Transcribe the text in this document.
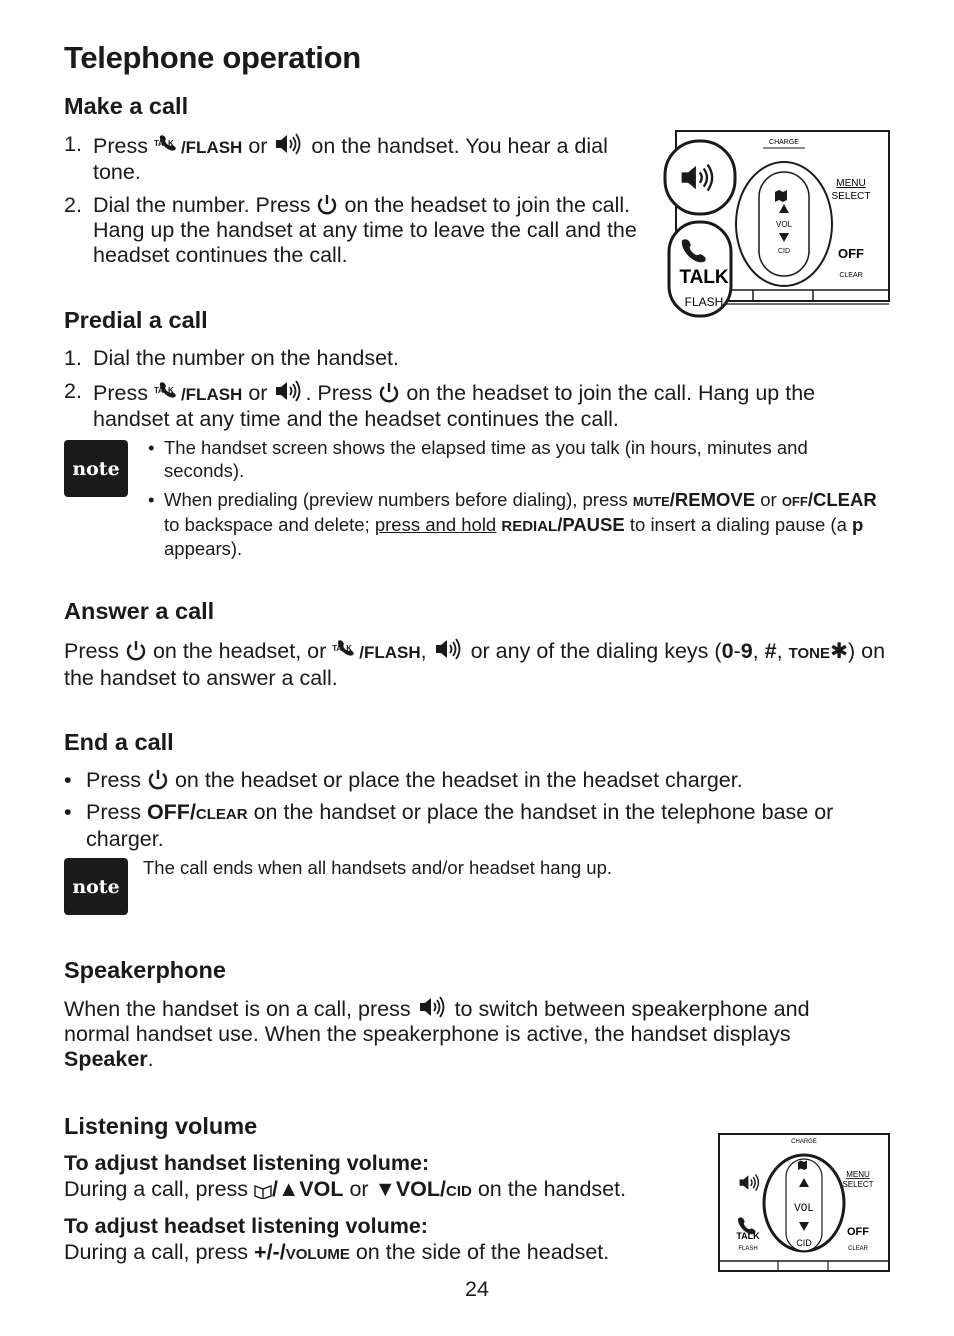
Telephone operation
Make a call
1. Press TALK /FLASH or on the handset. You hear a dial tone.
2. Dial the number. Press on the headset to join the call. Hang up the handset at any time to leave the call and the headset continues the call.
CHARGE
VOL
CID
MENU
SELECT
OFF
CLEAR
TALK
FLASH
Predial a call
1. Dial the number on the handset.
2. Press TALK /FLASH or . Press on the headset to join the call. Hang up the handset at any time and the headset continues the call.
note
• The handset screen shows the elapsed time as you talk (in hours, minutes and seconds).
• When predialing (preview numbers before dialing), press MUTE/REMOVE or OFF/CLEAR to backspace and delete; press and hold REDIAL/PAUSE to insert a dialing pause (a p appears).
Answer a call
Press on the headset, or TALK /FLASH, or any of the dialing keys (0-9, #, TONE✱) on the handset to answer a call.
End a call
• Press on the headset or place the headset in the headset charger.
• Press OFF/CLEAR on the handset or place the handset in the telephone base or charger.
note
The call ends when all handsets and/or headset hang up.
Speakerphone
When the handset is on a call, press to switch between speakerphone and normal handset use. When the speakerphone is active, the handset displays Speaker.
Listening volume
To adjust handset listening volume:
During a call, press /▲VOL or ▼VOL/CID on the handset.
To adjust headset listening volume:
During a call, press +/-/VOLUME on the side of the headset.
CHARGE
VOL
CID
MENU
SELECT
OFF
CLEAR
TALK
FLASH
24
